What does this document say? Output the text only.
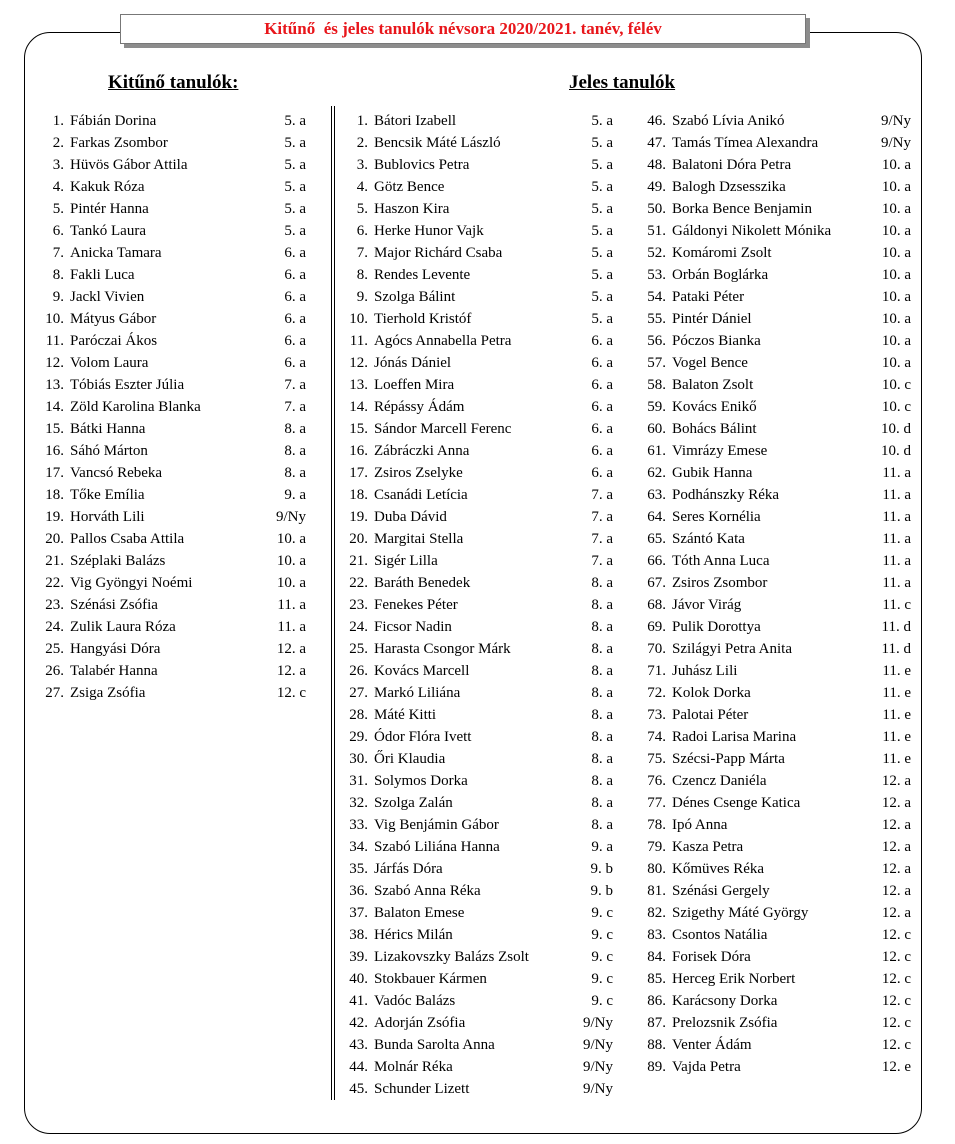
Kitűnő  és jeles tanulók névsora 2020/2021. tanév, félév
Kitűnő tanulók:	Jeles tanulók
1. Fábián Dorina	5. a
2. Farkas Zsombor	5. a
3. Hüvös Gábor Attila	5. a
4. Kakuk Róza	5. a
5. Pintér Hanna	5. a
6. Tankó Laura	5. a
7. Anicka Tamara	6. a
8. Fakli Luca	6. a
9. Jackl Vivien	6. a
10. Mátyus Gábor	6. a
11. Paróczai Ákos	6. a
12. Volom Laura	6. a
13. Tóbiás Eszter Júlia	7. a
14. Zöld Karolina Blanka	7. a
15. Bátki Hanna	8. a
16. Sáhó Márton	8. a
17. Vancsó Rebeka	8. a
18. Tőke Emília	9. a
19. Horváth Lili	9/Ny
20. Pallos Csaba Attila	10. a
21. Széplaki Balázs	10. a
22. Vig Gyöngyi Noémi	10. a
23. Szénási Zsófia	11. a
24. Zulik Laura Róza	11. a
25. Hangyási Dóra	12. a
26. Talabér Hanna	12. a
27. Zsiga Zsófia	12. c
1. Bátori Izabell	5. a
2. Bencsik Máté László	5. a
3. Bublovics Petra	5. a
4. Götz Bence	5. a
5. Haszon Kira	5. a
6. Herke Hunor Vajk	5. a
7. Major Richárd Csaba	5. a
8. Rendes Levente	5. a
9. Szolga Bálint	5. a
10. Tierhold Kristóf	5. a
11. Agócs Annabella Petra	6. a
12. Jónás Dániel	6. a
13. Loeffen Mira	6. a
14. Répássy Ádám	6. a
15. Sándor Marcell Ferenc	6. a
16. Zábráczki Anna	6. a
17. Zsiros Zselyke	6. a
18. Csanádi Letícia	7. a
19. Duba Dávid	7. a
20. Margitai Stella	7. a
21. Sigér Lilla	7. a
22. Baráth Benedek	8. a
23. Fenekes Péter	8. a
24. Ficsor Nadin	8. a
25. Harasta Csongor Márk	8. a
26. Kovács Marcell	8. a
27. Markó Liliána	8. a
28. Máté Kitti	8. a
29. Ódor Flóra Ivett	8. a
30. Őri Klaudia	8. a
31. Solymos Dorka	8. a
32. Szolga Zalán	8. a
33. Vig Benjámin Gábor	8. a
34. Szabó Liliána Hanna	9. a
35. Járfás Dóra	9. b
36. Szabó Anna Réka	9. b
37. Balaton Emese	9. c
38. Hérics Milán	9. c
39. Lizakovszky Balázs Zsolt	9. c
40. Stokbauer Kármen	9. c
41. Vadóc Balázs	9. c
42. Adorján Zsófia	9/Ny
43. Bunda Sarolta Anna	9/Ny
44. Molnár Réka	9/Ny
45. Schunder Lizett	9/Ny
46. Szabó Lívia Anikó	9/Ny
47. Tamás Tímea Alexandra	9/Ny
48. Balatoni Dóra Petra	10. a
49. Balogh Dzsesszika	10. a
50. Borka Bence Benjamin	10. a
51. Gáldonyi Nikolett Mónika	10. a
52. Komáromi Zsolt	10. a
53. Orbán Boglárka	10. a
54. Pataki Péter	10. a
55. Pintér Dániel	10. a
56. Póczos Bianka	10. a
57. Vogel Bence	10. a
58. Balaton Zsolt	10. c
59. Kovács Enikő	10. c
60. Bohács Bálint	10. d
61. Vimrázy Emese	10. d
62. Gubik Hanna	11. a
63. Podhánszky Réka	11. a
64. Seres Kornélia	11. a
65. Szántó Kata	11. a
66. Tóth Anna Luca	11. a
67. Zsiros Zsombor	11. a
68. Jávor Virág	11. c
69. Pulik Dorottya	11. d
70. Szilágyi Petra Anita	11. d
71. Juhász Lili	11. e
72. Kolok Dorka	11. e
73. Palotai Péter	11. e
74. Radoi Larisa Marina	11. e
75. Szécsi-Papp Márta	11. e
76. Czencz Daniéla	12. a
77. Dénes Csenge Katica	12. a
78. Ipó Anna	12. a
79. Kasza Petra	12. a
80. Kőmüves Réka	12. a
81. Szénási Gergely	12. a
82. Szigethy Máté György	12. a
83. Csontos Natália	12. c
84. Forisek Dóra	12. c
85. Herceg Erik Norbert	12. c
86. Karácsony Dorka	12. c
87. Prelozsnik Zsófia	12. c
88. Venter Ádám	12. c
89. Vajda Petra	12. e
